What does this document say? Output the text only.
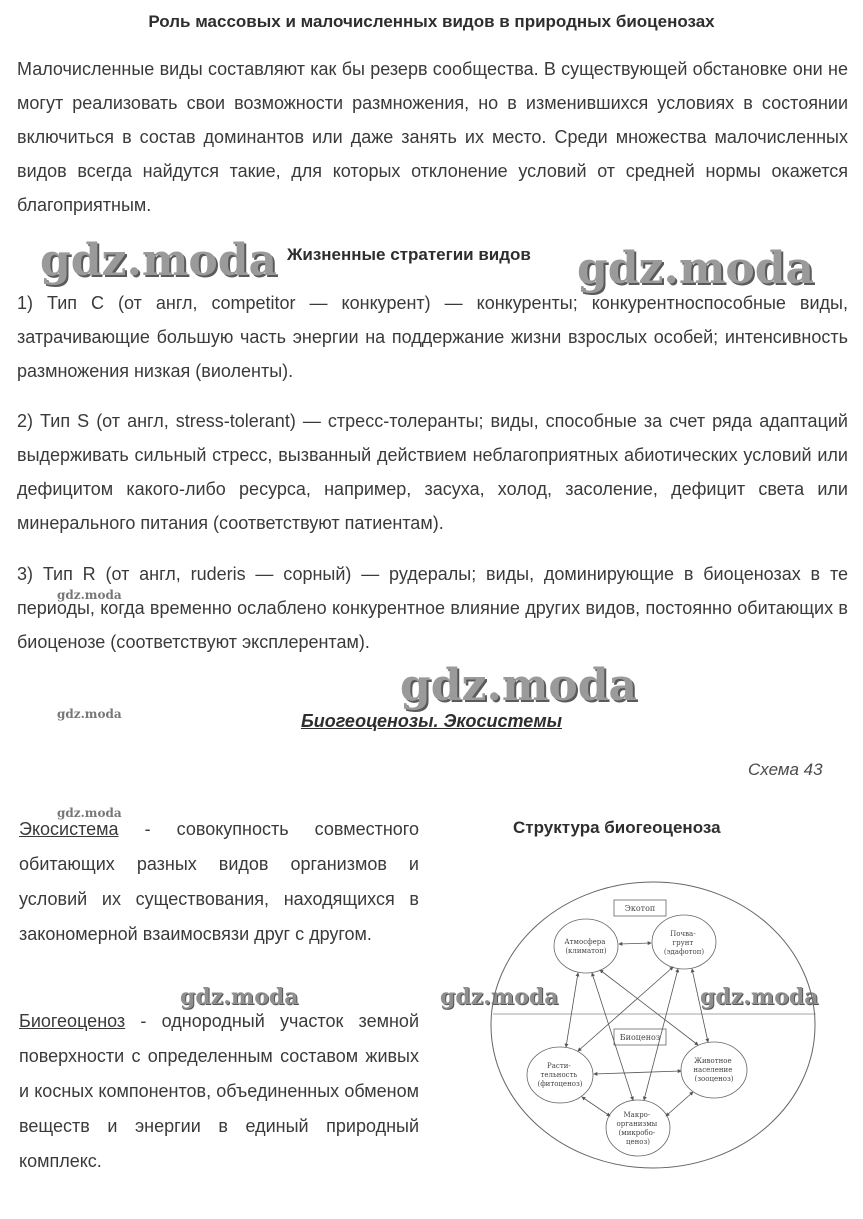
Роль массовых и малочисленных видов в природных биоценозах
Малочисленные виды составляют как бы резерв сообщества. В существующей обстановке они не могут реализовать свои возможности размножения, но в изменившихся условиях в состоянии включиться в состав доминантов или даже занять их место. Среди множества малочисленных видов всегда найдутся такие, для которых отклонение условий от средней нормы окажется благоприятным.
gdz.moda	gdz.moda
Жизненные стратегии видов
1) Тип C (от англ, competitor — конкурент) — конкуренты; конкурентноспособные виды, затрачивающие большую часть энергии на поддержание жизни взрослых особей; интенсивность размножения низкая (виоленты).
2) Тип S (от англ, stress-tolerant) — стресс-толеранты; виды, способные за счет ряда адаптаций выдерживать сильный стресс, вызванный действием неблагоприятных абиотических условий или дефицитом какого-либо ресурса, например, засуха, холод, засоление, дефицит света или минерального питания (соответствуют патиентам).
3) Тип R (от англ, ruderis — сорный) — рудералы; виды, доминирующие в биоценозах в те периоды, когда временно ослаблено конкурентное влияние других видов, постоянно обитающих в биоценозе (соответствуют эксплерентам).
gdz.moda
gdz.moda
gdz.moda	Биогеоценозы. Экосистемы
Схема 43
gdz.moda
Экосистема - совокупность совместного обитающих разных видов организмов и условий их существования, находящихся в закономерной взаимосвязи друг с другом.
Биогеоценоз - однородный участок земной поверхности с определенным составом живых и косных компонентов, объединенных обменом веществ и энергии в единый природный комплекс.
gdz.moda	gdz.moda	gdz.moda
Структура биогеоценоза
Экотоп
Биоценоз
Атмосфера (климатоп)
Почва- грунт (эдафотоп)
Расти- тельность (фитоценоз)
Животное население (зооценоз)
Макро- организмы (микробо- ценоз)
